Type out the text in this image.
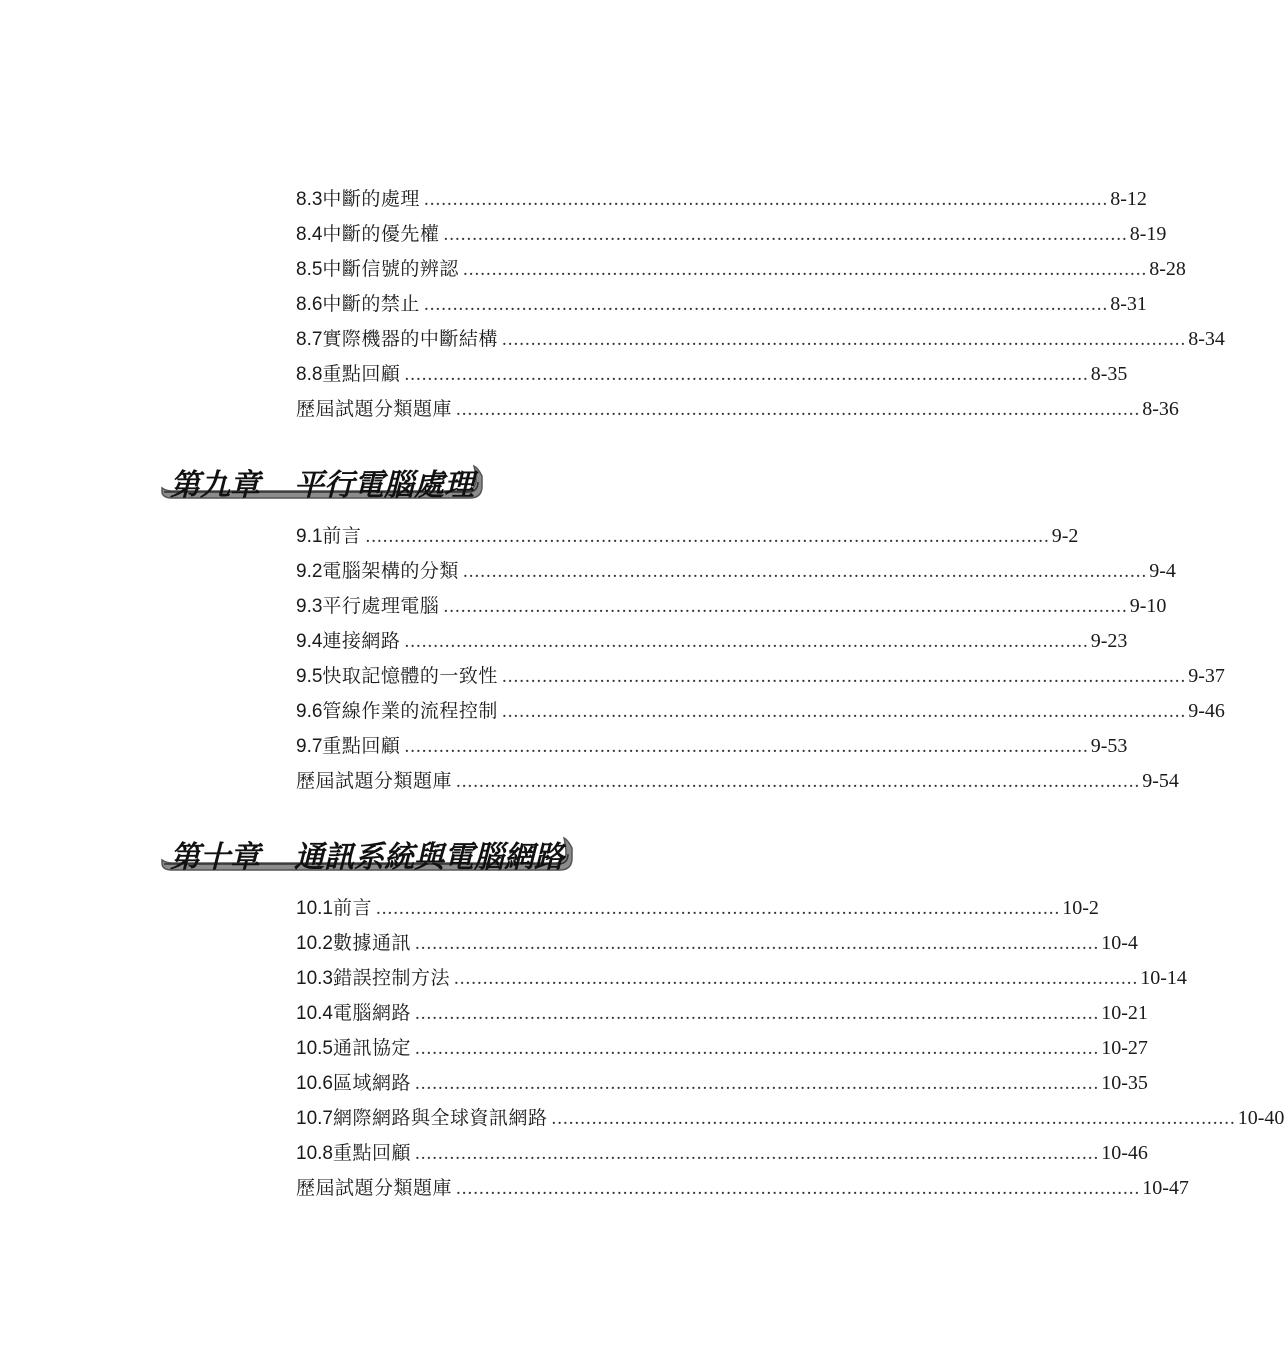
8.3 中斷的處理 ....................................................................................................................... 8-12
8.4 中斷的優先權 ....................................................................................................................... 8-19
8.5 中斷信號的辨認 ....................................................................................................................... 8-28
8.6 中斷的禁止 ....................................................................................................................... 8-31
8.7 實際機器的中斷結構 ....................................................................................................................... 8-34
8.8 重點回顧 ....................................................................................................................... 8-35
歷屆試題分類題庫 ....................................................................................................................... 8-36
第九章 平行電腦處理
9.1 前言 ....................................................................................................................... 9-2
9.2 電腦架構的分類 ....................................................................................................................... 9-4
9.3 平行處理電腦 ....................................................................................................................... 9-10
9.4 連接網路 ....................................................................................................................... 9-23
9.5 快取記憶體的一致性 ....................................................................................................................... 9-37
9.6 管線作業的流程控制 ....................................................................................................................... 9-46
9.7 重點回顧 ....................................................................................................................... 9-53
歷屆試題分類題庫 ....................................................................................................................... 9-54
第十章 通訊系統與電腦網路
10.1 前言 ....................................................................................................................... 10-2
10.2 數據通訊 ....................................................................................................................... 10-4
10.3 錯誤控制方法 ....................................................................................................................... 10-14
10.4 電腦網路 ....................................................................................................................... 10-21
10.5 通訊協定 ....................................................................................................................... 10-27
10.6 區域網路 ....................................................................................................................... 10-35
10.7 網際網路與全球資訊網路 ....................................................................................................................... 10-40
10.8 重點回顧 ....................................................................................................................... 10-46
歷屆試題分類題庫 ....................................................................................................................... 10-47
